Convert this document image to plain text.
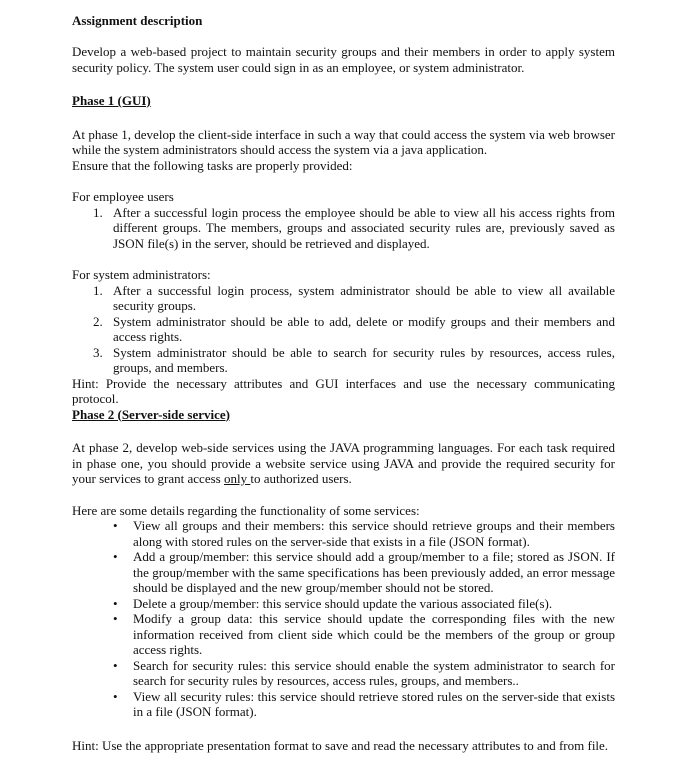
Assignment description

Develop a web-based project to maintain security groups and their members in order to apply system security policy. The system user could sign in as an employee, or system administrator.

Phase 1 (GUI)

At phase 1, develop the client-side interface in such a way that could access the system via web browser while the system administrators should access the system via a java application.

Ensure that the following tasks are properly provided:

For employee users

1. After a successful login process the employee should be able to view all his access rights from different groups. The members, groups and associated security rules are, previously saved as JSON file(s) in the server, should be retrieved and displayed.

For system administrators:

1. After a successful login process, system administrator should be able to view all available security groups.
2. System administrator should be able to add, delete or modify groups and their members and access rights.
3. System administrator should be able to search for security rules by resources, access rules, groups, and members.

Hint: Provide the necessary attributes and GUI interfaces and use the necessary communicating protocol.

Phase 2 (Server-side service)

At phase 2, develop web-side services using the JAVA programming languages. For each task required in phase one, you should provide a website service using JAVA and provide the required security for your services to grant access only to authorized users.

Here are some details regarding the functionality of some services:

• View all groups and their members: this service should retrieve groups and their members along with stored rules on the server-side that exists in a file (JSON format).
• Add a group/member: this service should add a group/member to a file; stored as JSON. If the group/member with the same specifications has been previously added, an error message should be displayed and the new group/member should not be stored.
• Delete a group/member: this service should update the various associated file(s).
• Modify a group data: this service should update the corresponding files with the new information received from client side which could be the members of the group or group access rights.
• Search for security rules: this service should enable the system administrator to search for search for security rules by resources, access rules, groups, and members..
• View all security rules: this service should retrieve stored rules on the server-side that exists in a file (JSON format).

Hint: Use the appropriate presentation format to save and read the necessary attributes to and from file.
